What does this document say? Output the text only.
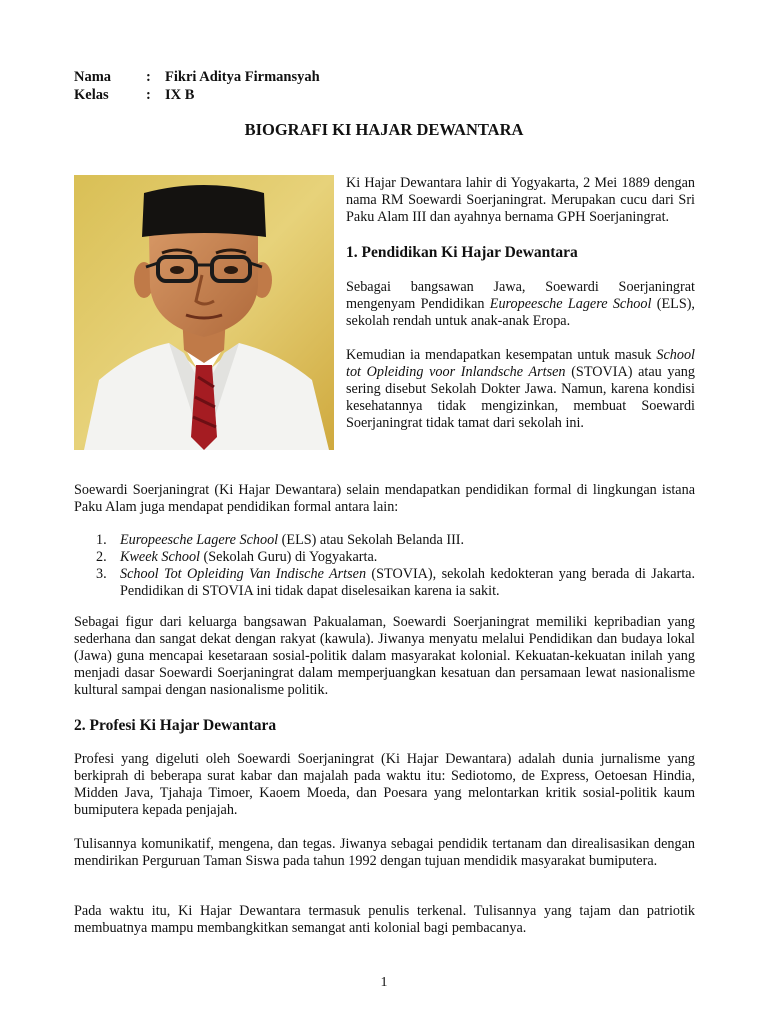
Nama	: Fikri Aditya Firmansyah
Kelas	: IX B
BIOGRAFI KI HAJAR DEWANTARA

Ki Hajar Dewantara lahir di Yogyakarta, 2 Mei 1889 dengan nama RM Soewardi Soerjaningrat. Merupakan cucu dari Sri Paku Alam III dan ayahnya bernama GPH Soerjaningrat.

1. Pendidikan Ki Hajar Dewantara

Sebagai bangsawan Jawa, Soewardi Soerjaningrat mengenyam Pendidikan Europeesche Lagere School (ELS), sekolah rendah untuk anak-anak Eropa.

Kemudian ia mendapatkan kesempatan untuk masuk School tot Opleiding voor Inlandsche Artsen (STOVIA) atau yang sering disebut Sekolah Dokter Jawa. Namun, karena kondisi kesehatannya tidak mengizinkan, membuat Soewardi Soerjaningrat tidak tamat dari sekolah ini.

Soewardi Soerjaningrat (Ki Hajar Dewantara) selain mendapatkan pendidikan formal di lingkungan istana Paku Alam juga mendapat pendidikan formal antara lain:

1. Europeesche Lagere School (ELS) atau Sekolah Belanda III.
2. Kweek School (Sekolah Guru) di Yogyakarta.
3. School Tot Opleiding Van Indische Artsen (STOVIA), sekolah kedokteran yang berada di Jakarta. Pendidikan di STOVIA ini tidak dapat diselesaikan karena ia sakit.

Sebagai figur dari keluarga bangsawan Pakualaman, Soewardi Soerjaningrat memiliki kepribadian yang sederhana dan sangat dekat dengan rakyat (kawula). Jiwanya menyatu melalui Pendidikan dan budaya lokal (Jawa) guna mencapai kesetaraan sosial-politik dalam masyarakat kolonial. Kekuatan-kekuatan inilah yang menjadi dasar Soewardi Soerjaningrat dalam memperjuangkan kesatuan dan persamaan lewat nasionalisme kultural sampai dengan nasionalisme politik.

2. Profesi Ki Hajar Dewantara

Profesi yang digeluti oleh Soewardi Soerjaningrat (Ki Hajar Dewantara) adalah dunia jurnalisme yang berkiprah di beberapa surat kabar dan majalah pada waktu itu: Sediotomo, de Express, Oetoesan Hindia, Midden Java, Tjahaja Timoer, Kaoem Moeda, dan Poesara yang melontarkan kritik sosial-politik kaum bumiputera kepada penjajah.

Tulisannya komunikatif, mengena, dan tegas. Jiwanya sebagai pendidik tertanam dan direalisasikan dengan mendirikan Perguruan Taman Siswa pada tahun 1992 dengan tujuan mendidik masyarakat bumiputera.

Pada waktu itu, Ki Hajar Dewantara termasuk penulis terkenal. Tulisannya yang tajam dan patriotik membuatnya mampu membangkitkan semangat anti kolonial bagi pembacanya.

1
